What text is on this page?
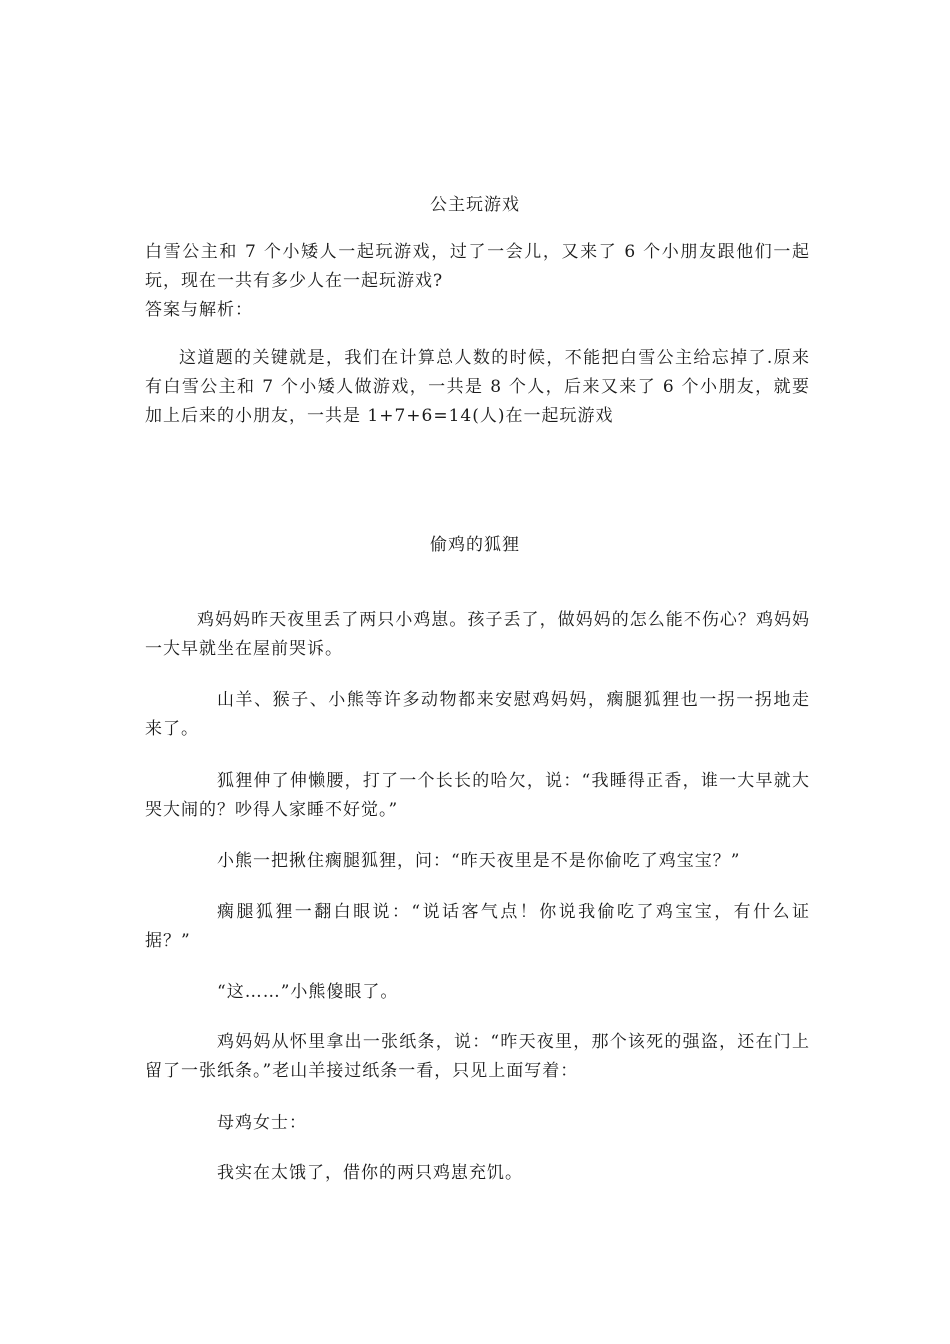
公主玩游戏
白雪公主和 7 个小矮人一起玩游戏，过了一会儿，又来了 6 个小朋友跟他们一起玩，现在一共有多少人在一起玩游戏?
答案与解析：
这道题的关键就是，我们在计算总人数的时候，不能把白雪公主给忘掉了.原来有白雪公主和 7 个小矮人做游戏，一共是 8 个人，后来又来了 6 个小朋友，就要加上后来的小朋友，一共是 1+7+6=14(人)在一起玩游戏
偷鸡的狐狸
鸡妈妈昨天夜里丢了两只小鸡崽。孩子丢了，做妈妈的怎么能不伤心？鸡妈妈一大早就坐在屋前哭诉。
山羊、猴子、小熊等许多动物都来安慰鸡妈妈，瘸腿狐狸也一拐一拐地走来了。
狐狸伸了伸懒腰，打了一个长长的哈欠，说：“我睡得正香，谁一大早就大哭大闹的？吵得人家睡不好觉。”
小熊一把揪住瘸腿狐狸，问：“昨天夜里是不是你偷吃了鸡宝宝？”
瘸腿狐狸一翻白眼说：“说话客气点！你说我偷吃了鸡宝宝，有什么证据？”
“这……”小熊傻眼了。
鸡妈妈从怀里拿出一张纸条，说：“昨天夜里，那个该死的强盗，还在门上留了一张纸条。”老山羊接过纸条一看，只见上面写着：
母鸡女士：
我实在太饿了，借你的两只鸡崽充饥。
